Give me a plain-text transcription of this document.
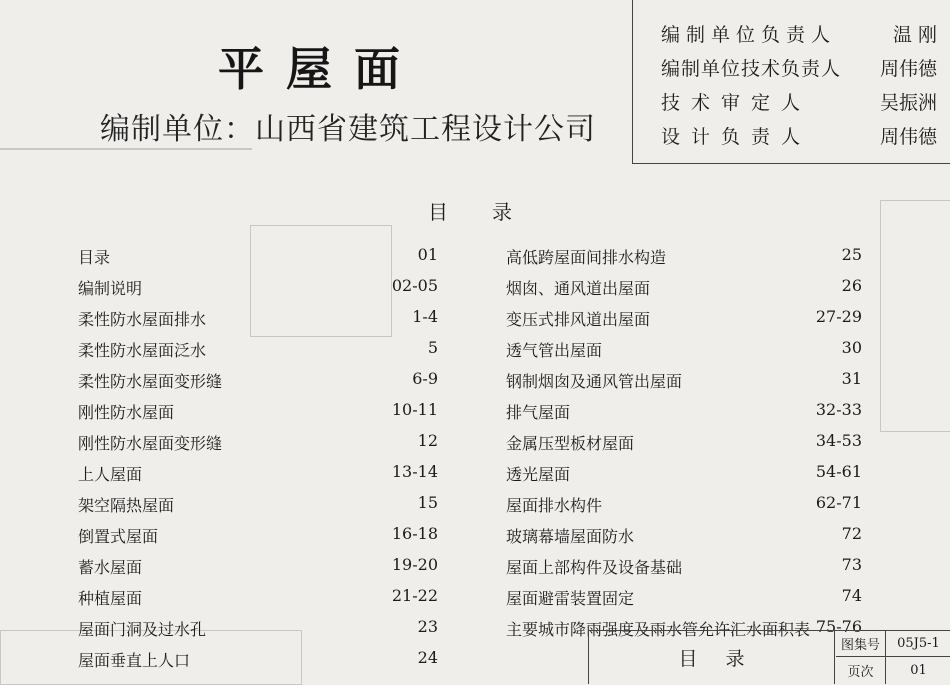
平屋面
编制单位：山西省建筑工程设计公司
编制单位负责人	温 刚
编制单位技术负责人 周伟德
技术审定人	吴振洲
设计负责人	周伟德
目录
目录	01
编制说明	02-05
柔性防水屋面排水	1-4
柔性防水屋面泛水	5
柔性防水屋面变形缝	6-9
刚性防水屋面	10-11
刚性防水屋面变形缝	12
上人屋面	13-14
架空隔热屋面	15
倒置式屋面	16-18
蓄水屋面	19-20
种植屋面	21-22
屋面门洞及过水孔	23
屋面垂直上人口	24
高低跨屋面间排水构造	25
烟囱、通风道出屋面	26
变压式排风道出屋面	27-29
透气管出屋面	30
钢制烟囱及通风管出屋面	31
排气屋面	32-33
金属压型板材屋面	34-53
透光屋面	54-61
屋面排水构件	62-71
玻璃幕墙屋面防水	72
屋面上部构件及设备基础	73
屋面避雷装置固定	74
主要城市降雨强度及雨水管允许汇水面积表 75-76
目录
图集号	05J5-1
页次	01
